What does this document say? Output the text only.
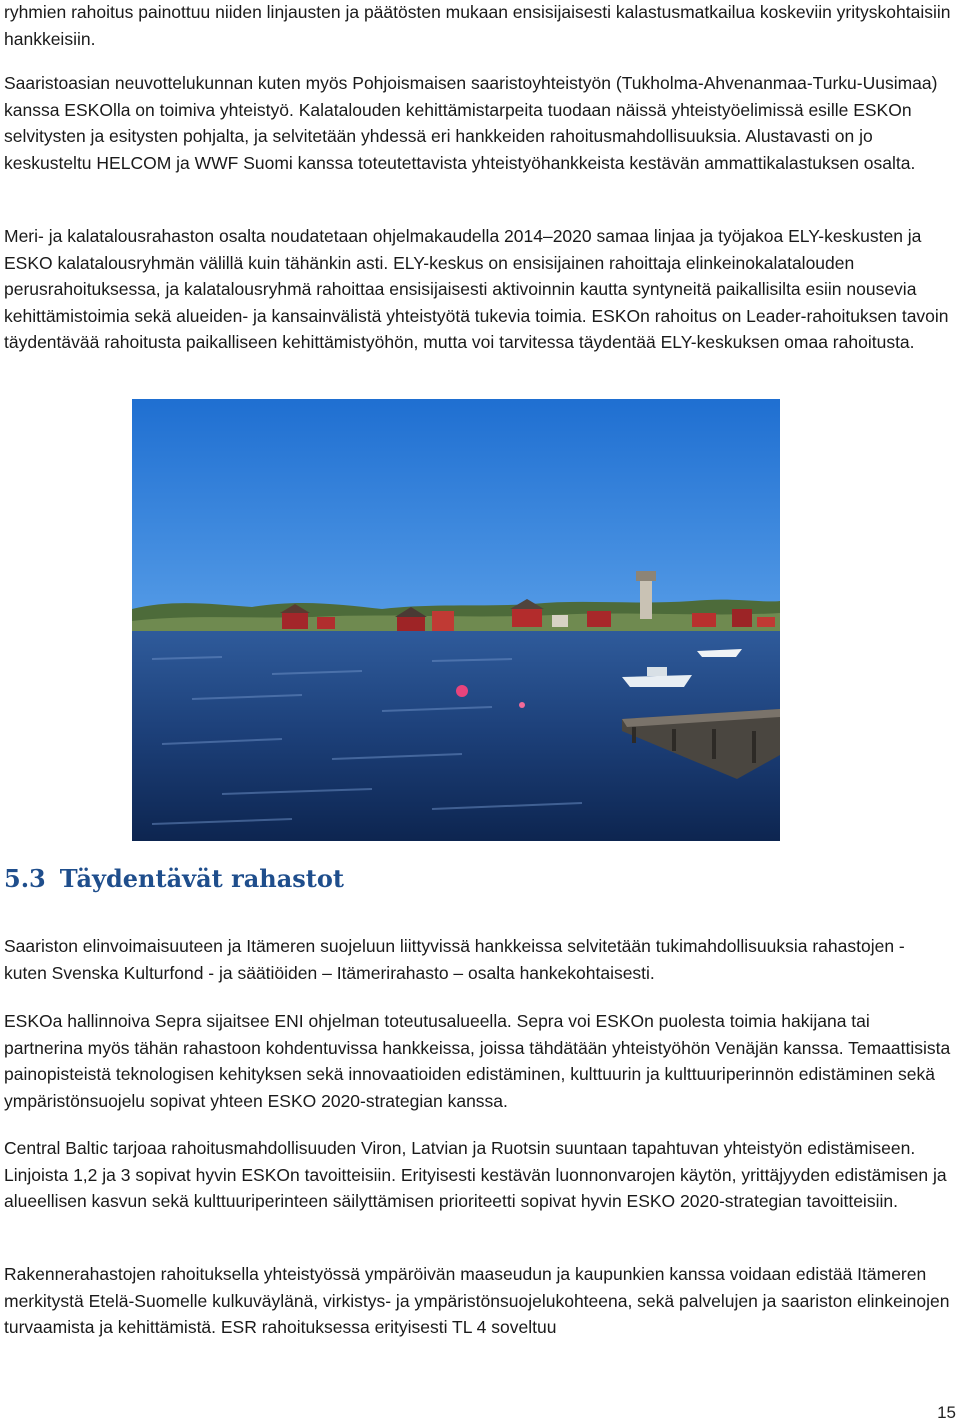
ryhmien rahoitus painottuu niiden linjausten ja päätösten mukaan ensisijaisesti kalastusmatkailua koskeviin yrityskohtaisiin hankkeisiin.

Saaristoasian neuvottelukunnan kuten myös Pohjoismaisen saaristoyhteistyön (Tukholma-Ahvenanmaa-Turku-Uusimaa) kanssa ESKOlla on toimiva yhteistyö. Kalatalouden kehittämistarpeita tuodaan näissä yhteistyöelimissä esille ESKOn selvitysten ja esitysten pohjalta, ja selvitetään yhdessä eri hankkeiden rahoitusmahdollisuuksia. Alustavasti on jo keskusteltu HELCOM ja WWF Suomi kanssa toteutettavista yhteistyöhankkeista kestävän ammattikalastuksen osalta.

Meri- ja kalatalousrahaston osalta noudatetaan ohjelmakaudella 2014–2020 samaa linjaa ja työjakoa ELY-keskusten ja ESKO kalatalousryhmän välillä kuin tähänkin asti. ELY-keskus on ensisijainen rahoittaja elinkeinokalatalouden perusrahoituksessa, ja kalatalousryhmä rahoittaa ensisijaisesti aktivoinnin kautta syntyneitä paikallisilta esiin nousevia kehittämistoimia sekä alueiden- ja kansainvälistä yhteistyötä tukevia toimia. ESKOn rahoitus on Leader-rahoituksen tavoin täydentävää rahoitusta paikalliseen kehittämistyöhön, mutta voi tarvitessa täydentää ELY-keskuksen omaa rahoitusta.

5.3 Täydentävät rahastot

Saariston elinvoimaisuuteen ja Itämeren suojeluun liittyvissä hankkeissa selvitetään tukimahdollisuuksia rahastojen - kuten Svenska Kulturfond - ja säätiöiden – Itämerirahasto – osalta hankekohtaisesti.

ESKOa hallinnoiva Sepra sijaitsee ENI ohjelman toteutusalueella. Sepra voi ESKOn puolesta toimia hakijana tai partnerina myös tähän rahastoon kohdentuvissa hankkeissa, joissa tähdätään yhteistyöhön Venäjän kanssa. Temaattisista painopisteistä teknologisen kehityksen sekä innovaatioiden edistäminen, kulttuurin ja kulttuuriperinnön edistäminen sekä ympäristönsuojelu sopivat yhteen ESKO 2020-strategian kanssa.

Central Baltic tarjoaa rahoitusmahdollisuuden Viron, Latvian ja Ruotsin suuntaan tapahtuvan yhteistyön edistämiseen. Linjoista 1,2 ja 3 sopivat hyvin ESKOn tavoitteisiin. Erityisesti kestävän luonnonvarojen käytön, yrittäjyyden edistämisen ja alueellisen kasvun sekä kulttuuriperinteen säilyttämisen prioriteetti sopivat hyvin ESKO 2020-strategian tavoitteisiin.

Rakennerahastojen rahoituksella yhteistyössä ympäröivän maaseudun ja kaupunkien kanssa voidaan edistää Itämeren merkitystä Etelä-Suomelle kulkuväylänä, virkistys- ja ympäristönsuojelukohteena, sekä palvelujen ja saariston elinkeinojen turvaamista ja kehittämistä. ESR rahoituksessa erityisesti TL 4 soveltuu

15
